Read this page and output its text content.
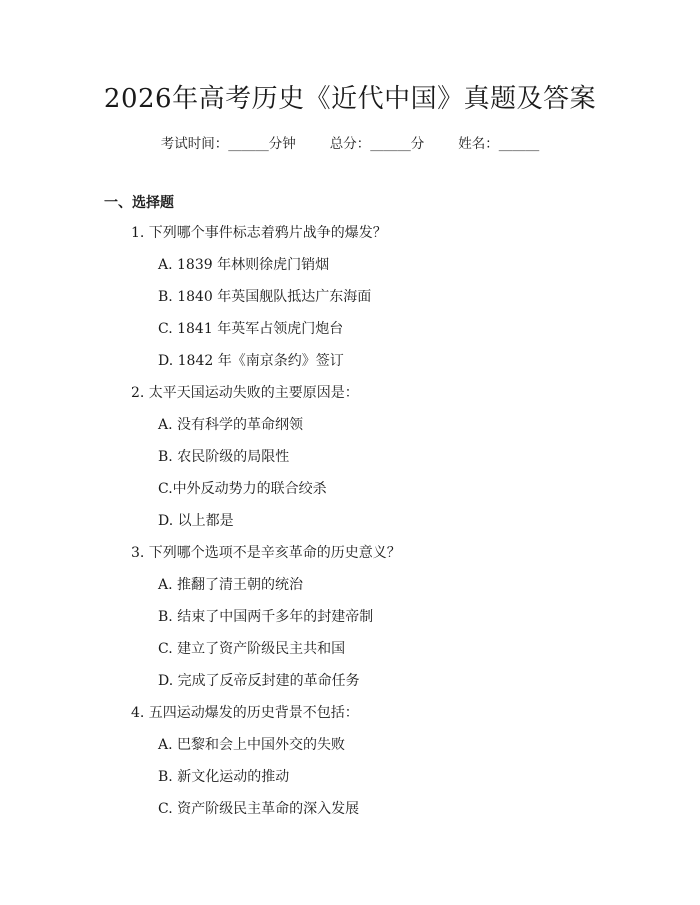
2026年高考历史《近代中国》真题及答案
考试时间：______分钟	总分：______分	姓名：______
一、选择题
1. 下列哪个事件标志着鸦片战争的爆发？
A. 1839 年林则徐虎门销烟
B. 1840 年英国舰队抵达广东海面
C. 1841 年英军占领虎门炮台
D. 1842 年《南京条约》签订
2. 太平天国运动失败的主要原因是：
A. 没有科学的革命纲领
B. 农民阶级的局限性
C.中外反动势力的联合绞杀
D. 以上都是
3. 下列哪个选项不是辛亥革命的历史意义？
A. 推翻了清王朝的统治
B. 结束了中国两千多年的封建帝制
C. 建立了资产阶级民主共和国
D. 完成了反帝反封建的革命任务
4. 五四运动爆发的历史背景不包括：
A. 巴黎和会上中国外交的失败
B. 新文化运动的推动
C. 资产阶级民主革命的深入发展
